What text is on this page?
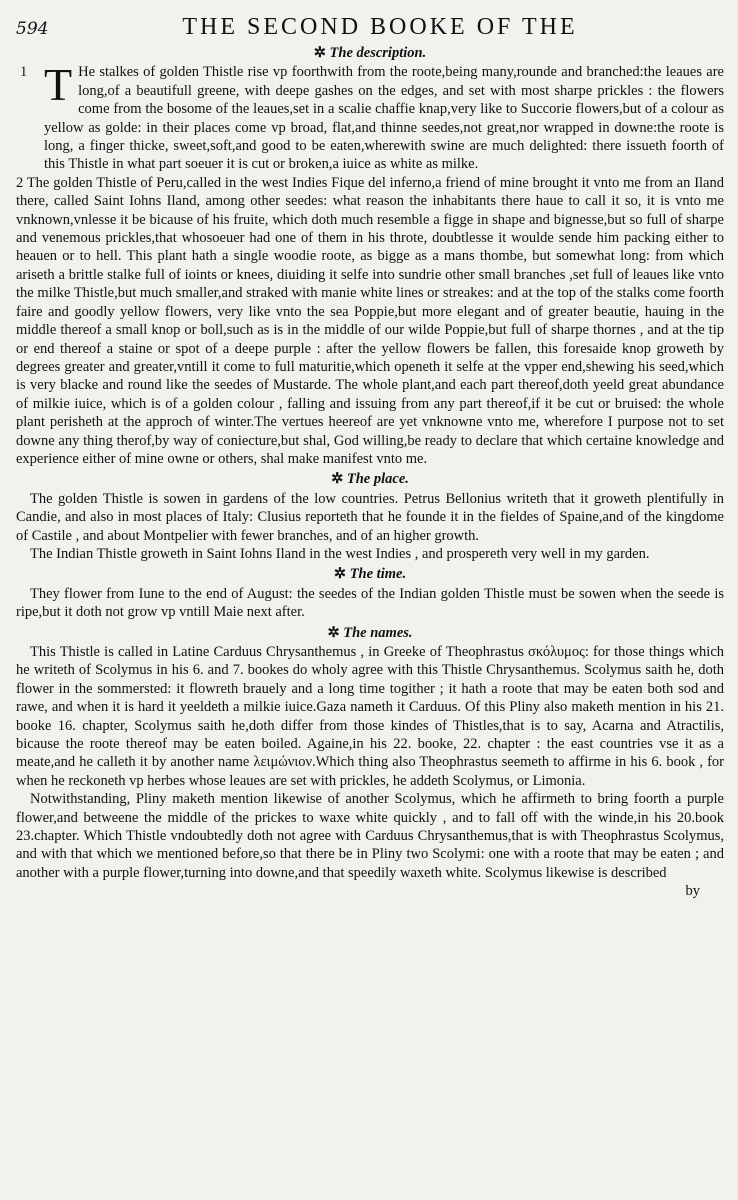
594	THE SECOND BOOKE OF THE
✲ The description.
1 T He stalkes of golden Thistle rise vp foorthwith from the roote,being many,rounde and branched:the leaues are long,of a beautifull greene, with deepe gashes on the edges, and set with most sharpe prickles : the flowers come from the bosome of the leaues,set in a scalie chaffie knap,very like to Succorie flowers,but of a colour as yellow as golde: in their places come vp broad, flat,and thinne seedes,not great,nor wrapped in downe:the roote is long, a finger thicke, sweet,soft,and good to be eaten,wherewith swine are much delighted: there issueth foorth of this Thistle in what part soeuer it is cut or broken,a iuice as white as milke.

2 The golden Thistle of Peru,called in the west Indies Fique del inferno,a friend of mine brought it vnto me from an Iland there, called Saint Iohns Iland, among other seedes: what reason the inhabitants there haue to call it so, it is vnto me vnknown,vnlesse it be bicause of his fruite, which doth much resemble a figge in shape and bignesse,but so full of sharpe and venemous prickles,that whosoeuer had one of them in his throte, doubtlesse it woulde sende him packing either to heauen or to hell. This plant hath a single woodie roote, as bigge as a mans thombe, but somewhat long: from which ariseth a brittle stalke full of ioints or knees, diuiding it selfe into sundrie other small branches ,set full of leaues like vnto the milke Thistle,but much smaller,and straked with manie white lines or streakes: and at the top of the stalks come foorth faire and goodly yellow flowers, very like vnto the sea Poppie,but more elegant and of greater beautie, hauing in the middle thereof a small knop or boll,such as is in the middle of our wilde Poppie,but full of sharpe thornes , and at the tip or end thereof a staine or spot of a deepe purple : after the yellow flowers be fallen, this foresaide knop groweth by degrees greater and greater,vntill it come to full maturitie,which openeth it selfe at the vpper end,shewing his seed,which is very blacke and round like the seedes of Mustarde. The whole plant,and each part thereof,doth yeeld great abundance of milkie iuice, which is of a golden colour , falling and issuing from any part thereof,if it be cut or bruised: the whole plant perisheth at the approch of winter.The vertues heereof are yet vnknowne vnto me, wherefore I purpose not to set downe any thing therof,by way of coniecture,but shal, God willing,be ready to declare that which certaine knowledge and experience either of mine owne or others, shal make manifest vnto me.

✲ The place.

The golden Thistle is sowen in gardens of the low countries. Petrus Bellonius writeth that it groweth plentifully in Candie, and also in most places of Italy: Clusius reporteth that he founde it in the fieldes of Spaine,and of the kingdome of Castile , and about Montpelier with fewer branches, and of an higher growth.

The Indian Thistle groweth in Saint Iohns Iland in the west Indies , and prospereth very well in my garden.

✲ The time.

They flower from Iune to the end of August: the seedes of the Indian golden Thistle must be sowen when the seede is ripe,but it doth not grow vp vntill Maie next after.

✲ The names.

This Thistle is called in Latine Carduus Chrysanthemus , in Greeke of Theophrastus σκόλυμος: for those things which he writeth of Scolymus in his 6. and 7. bookes do wholy agree with this Thistle Chrysanthemus. Scolymus saith he, doth flower in the sommersted: it flowreth brauely and a long time togither ; it hath a roote that may be eaten both sod and rawe, and when it is hard it yeeldeth a milkie iuice.Gaza nameth it Carduus. Of this Pliny also maketh mention in his 21. booke 16. chapter, Scolymus saith he,doth differ from those kindes of Thistles,that is to say, Acarna and Atractilis, bicause the roote thereof may be eaten boiled. Againe,in his 22. booke, 22. chapter : the east countries vse it as a meate,and he calleth it by another name λειμώνιον.Which thing also Theophrastus seemeth to affirme in his 6. book , for when he reckoneth vp herbes whose leaues are set with prickles, he addeth Scolymus, or Limonia.

Notwithstanding, Pliny maketh mention likewise of another Scolymus, which he affirmeth to bring foorth a purple flower,and betweene the middle of the prickes to waxe white quickly , and to fall off with the winde,in his 20.book 23.chapter. Which Thistle vndoubtedly doth not agree with Carduus Chrysanthemus,that is with Theophrastus Scolymus, and with that which we mentioned before,so that there be in Pliny two Scolymi: one with a roote that may be eaten ; and another with a purple flower,turning into downe,and that speedily waxeth white. Scolymus likewise is described

by
